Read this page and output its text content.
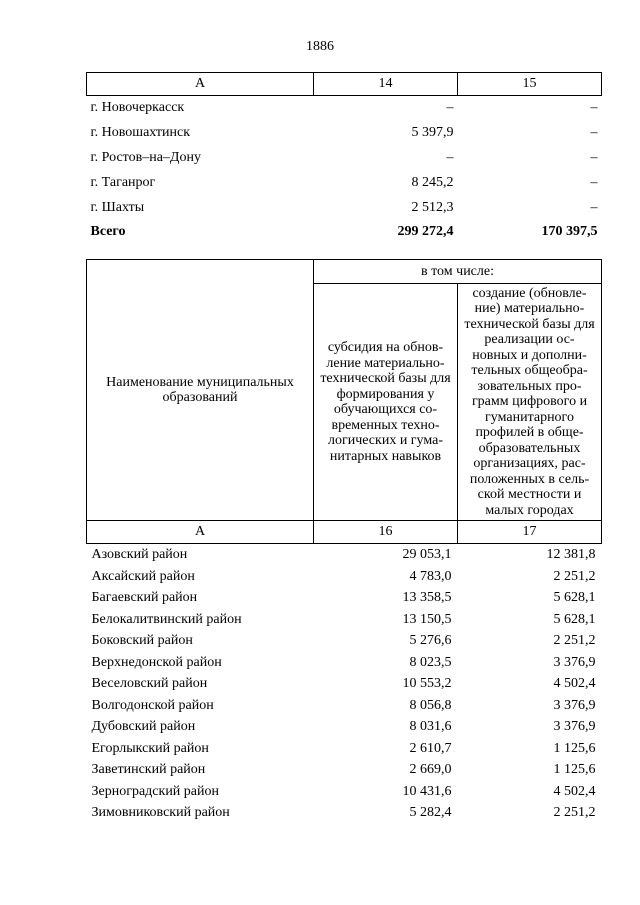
1886
А	14	15
г. Новочеркасск	–	–
г. Новошахтинск	5 397,9	–
г. Ростов–на–Дону	–	–
г. Таганрог	8 245,2	–
г. Шахты	2 512,3	–
Всего	299 272,4	170 397,5
Наименование муниципальных образований	в том числе:	
	субсидия на обнов-ление материально-технической базы для формирования у обучающихся со-временных техно-логических и гума-нитарных навыков	создание (обновле-ние) материально-технической базы для реализации ос-новных и дополни-тельных общеобра-зовательных про-грамм цифрового и гуманитарного профилей в обще-образовательных организациях, рас-положенных в сель-ской местности и малых городах
А	16	17
Азовский район	29 053,1	12 381,8
Аксайский район	4 783,0	2 251,2
Багаевский район	13 358,5	5 628,1
Белокалитвинский район	13 150,5	5 628,1
Боковский район	5 276,6	2 251,2
Верхнедонской район	8 023,5	3 376,9
Веселовский район	10 553,2	4 502,4
Волгодонской район	8 056,8	3 376,9
Дубовский район	8 031,6	3 376,9
Егорлыкский район	2 610,7	1 125,6
Заветинский район	2 669,0	1 125,6
Зерноградский район	10 431,6	4 502,4
Зимовниковский район	5 282,4	2 251,2
